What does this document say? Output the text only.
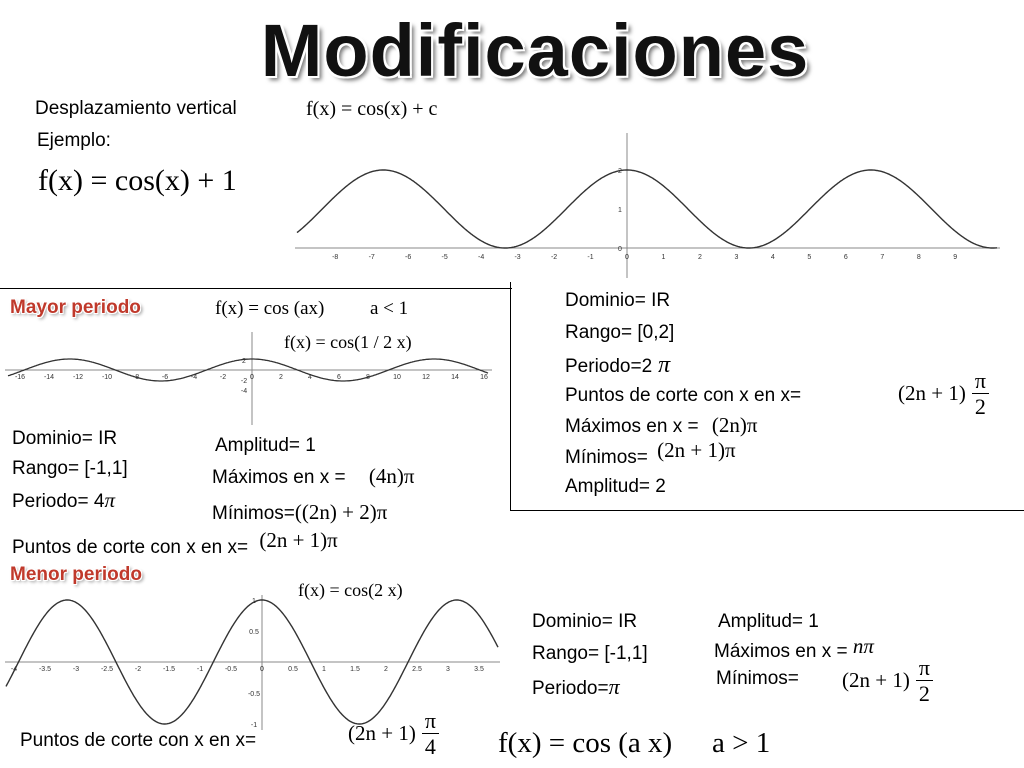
Modificaciones
Desplazamiento vertical	f(x) = cos(x) + c
Ejemplo:
f(x) = cos(x) + 1
-8	-7	-6	-5	-4	-3	-2	-1	0	1	2	3	4	5	6	7	8	9
0
1
2
Dominio= IR
Rango= [0,2]
Periodo=2 π
Puntos de corte con x en x=	$(2n + 1) \frac{\pi}{2}$
Máximos en x = (2n)π
Mínimos= (2n + 1)π
Amplitud= 2
Mayor periodo	f(x) = cos (ax) a < 1
f(x) = cos(1 / 2 x)
-16	-14	-12	-10	-8	-6	-4	-2	0	2	4	6	8	10	12	14	16
2
-2
-4
Dominio= IR
Rango= [-1,1]
Periodo= 4π
Amplitud= 1
Máximos en x = (4n)π
Mínimos=((2n) + 2)π
Puntos de corte con x en x= (2n + 1)π
Menor periodo
f(x) = cos(2 x)
-4	-3.5	-3	-2.5	-2	-1.5	-1	-0.5	0	0.5	1	1.5	2	2.5	3	3.5
1
0.5
-0.5
-1
Dominio= IR
Rango= [-1,1]
Periodo=π
Amplitud= 1
Máximos en x = nπ
Mínimos= $(2n + 1) \frac{\pi}{2}$
Puntos de corte con x en x=	$(2n + 1) \frac{\pi}{4} f(x) = \cos (a$ x) a > 1
